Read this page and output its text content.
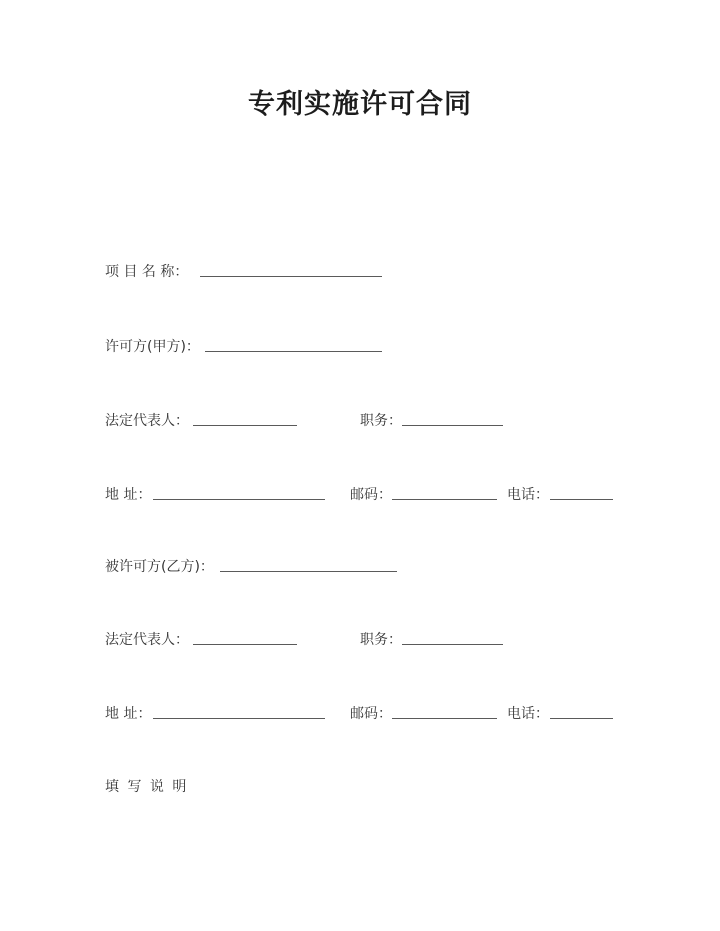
专利实施许可合同
项 目 名 称：
许可方(甲方)：
法定代表人：	职务：
地 址：	邮码：	电话：
被许可方(乙方)：
法定代表人：	职务：
地 址：	邮码：	电话：
填 写 说 明
